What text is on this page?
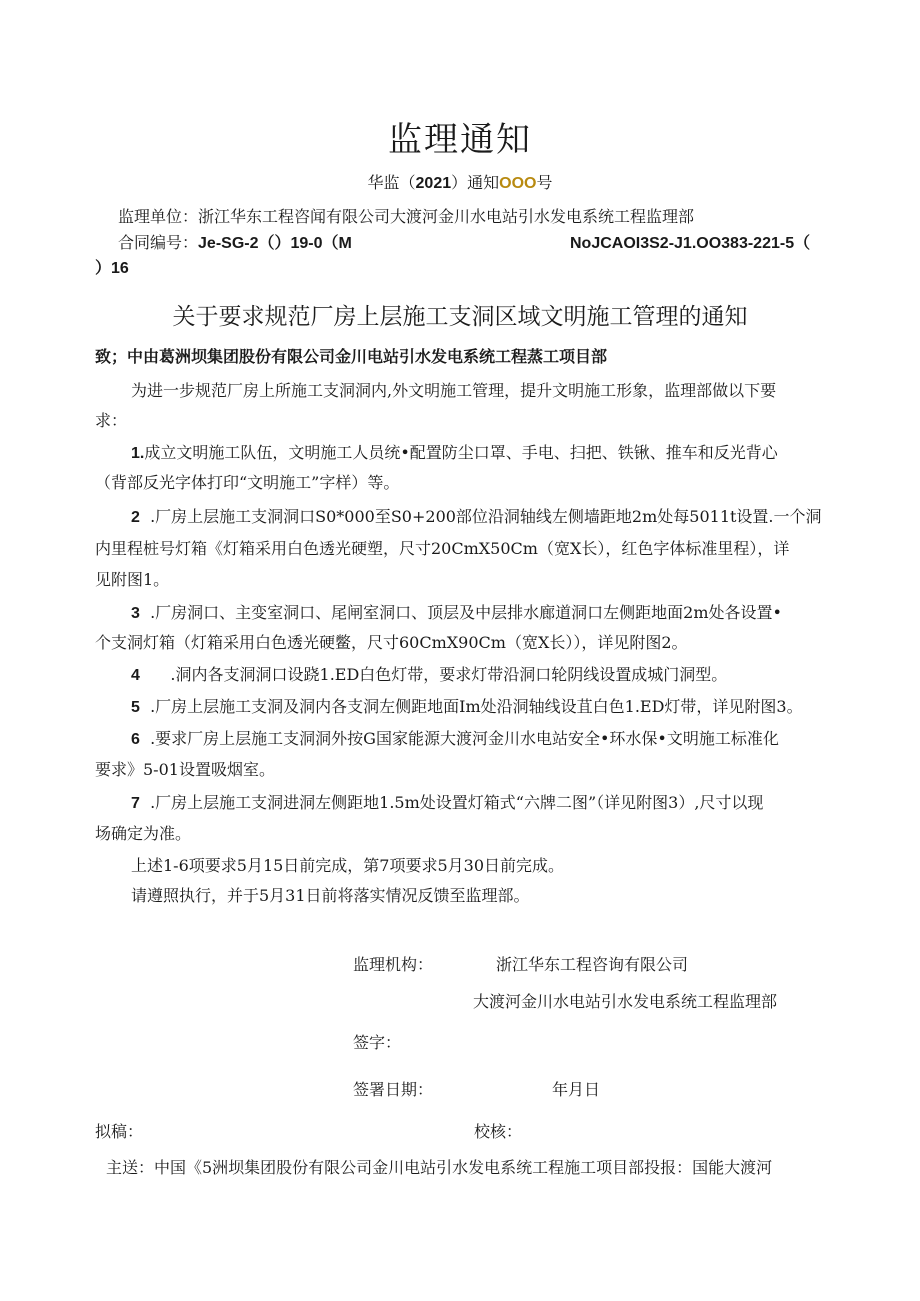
监理通知
华监（2021）通知OOO号
监理单位：浙江华东工程咨闻有限公司大渡河金川水电站引水发电系统工程监理部
合同编号：Je-SG-2（）19-0（M	NoJCAOI3S2-J1.OO383-221-5（
）16
关于要求规范厂房上层施工支洞区域文明施工管理的通知
致；中由葛洲坝集团股份有限公司金川电站引水发电系统工程蒸工项目部
为进一步规范厂房上所施工支洞洞内,外文明施工管理，提升文明施工形象，监理部做以下要
求：
1.成立文明施工队伍，文明施工人员统•配置防尘口罩、手电、扫把、铁锹、推车和反光背心
（背部反光字体打印“文明施工”字样）等。
2 .厂房上层施工支洞洞口S0*000至S0+200部位沿洞轴线左侧墙距地2m处每5011t设置.一个洞
内里程桩号灯箱《灯箱采用白色透光硬塑，尺寸20CmX50Cm（宽X长），红色字体标准里程），详
见附图1。
3 .厂房洞口、主变室洞口、尾闸室洞口、顶层及中层排水廊道洞口左侧距地面2m处各设置•
个支洞灯箱（灯箱采用白色透光硬鳖，尺寸60CmX90Cm（宽X长）），详见附图2。
4 .洞内各支洞洞口设跷1.ED白色灯带，要求灯带沿洞口轮阴线设置成城门洞型。
5 .厂房上层施工支洞及洞内各支洞左侧距地面Im处沿洞轴线设苴白色1.ED灯带，详见附图3。
6 .要求厂房上层施工支洞洞外按G国家能源大渡河金川水电站安全•环水保•文明施工标准化
要求》5-01设置吸烟室。
7 .厂房上层施工支洞进洞左侧距地1.5m处设置灯箱式“六牌二图”（详见附图3）,尺寸以现
场确定为准。
上述1-6项要求5月15日前完成，第7项要求5月30日前完成。
请遵照执行，并于5月31日前将落实情况反馈至监理部。
监理机构：	浙江华东工程咨询有限公司
大渡河金川水电站引水发电系统工程监理部
签字：
签署日期：	年月日
拟稿：	校核：
主送：中国《5洲坝集团股份有限公司金川电站引水发电系统工程施工项目部投报：国能大渡河
